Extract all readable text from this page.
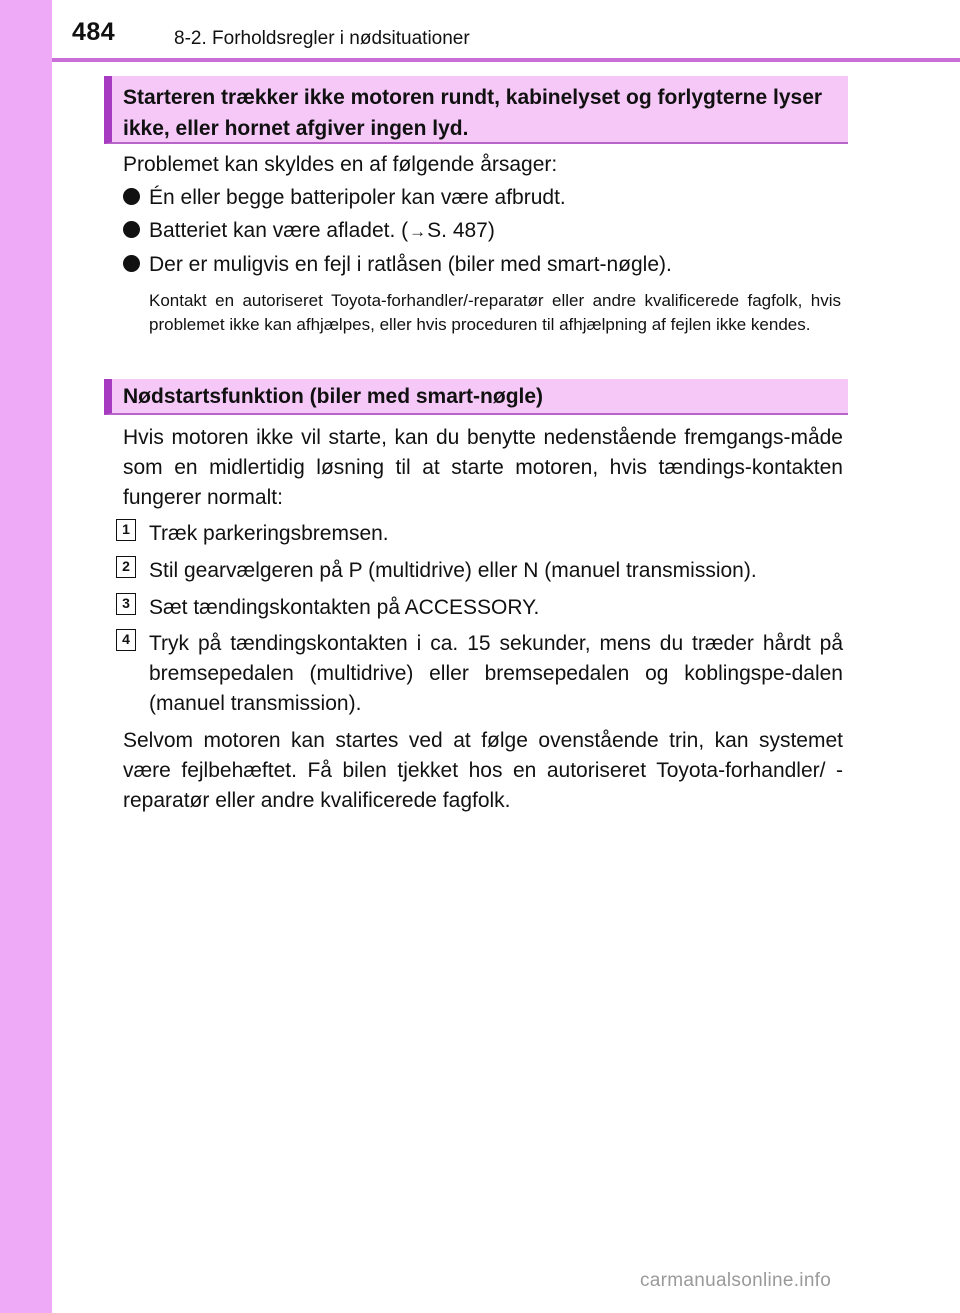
484	8-2. Forholdsregler i nødsituationer
Starteren trækker ikke motoren rundt, kabinelyset og forlygterne lyser ikke, eller hornet afgiver ingen lyd.
Problemet kan skyldes en af følgende årsager:
Én eller begge batteripoler kan være afbrudt.
Batteriet kan være afladet. (→S. 487)
Der er muligvis en fejl i ratlåsen (biler med smart-nøgle).
Kontakt en autoriseret Toyota-forhandler/-reparatør eller andre kvalificerede fagfolk, hvis problemet ikke kan afhjælpes, eller hvis proceduren til afhjælpning af fejlen ikke kendes.
Nødstartsfunktion (biler med smart-nøgle)
Hvis motoren ikke vil starte, kan du benytte nedenstående fremgangs-måde som en midlertidig løsning til at starte motoren, hvis tændings-kontakten fungerer normalt:
1 Træk parkeringsbremsen.
2 Stil gearvælgeren på P (multidrive) eller N (manuel transmission).
3 Sæt tændingskontakten på ACCESSORY.
4 Tryk på tændingskontakten i ca. 15 sekunder, mens du træder hårdt på bremsepedalen (multidrive) eller bremsepedalen og koblingspe-dalen (manuel transmission).
Selvom motoren kan startes ved at følge ovenstående trin, kan systemet være fejlbehæftet. Få bilen tjekket hos en autoriseret Toyota-forhandler/ -reparatør eller andre kvalificerede fagfolk.
carmanualsonline.info
